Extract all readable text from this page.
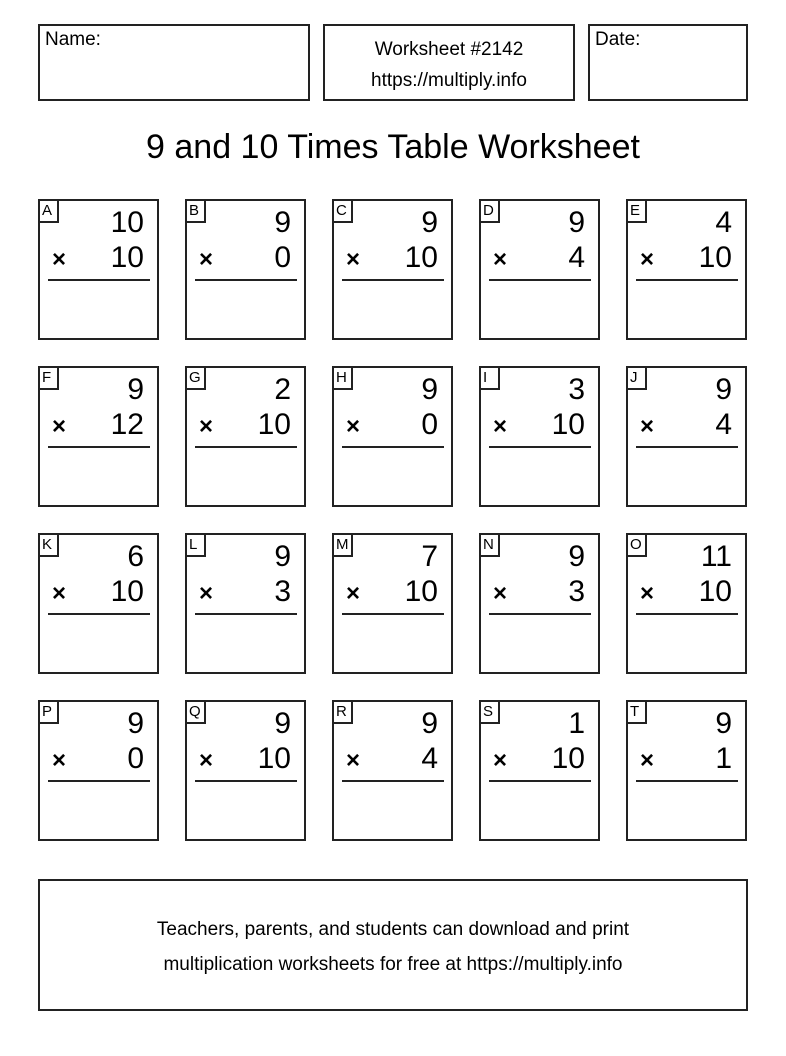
Name:	Worksheet #2142
https://multiply.info
Date:
9 and 10 Times Table Worksheet
A 10
× 10
B	9
× 0
C 9
× 10
D 9
× 4
E	4
× 10
F	9
× 12
G 2
× 10
H 9
× 0
I	3
× 10
J	9
× 4
K	6
× 10
L	9
× 3
M 7
× 10
N 9
× 3
O 11
× 10
P	9
× 0
Q 9
× 10
R 9
× 4
S	1
× 10
T	9
× 1
Teachers, parents, and students can download and print
multiplication worksheets for free at https://multiply.info
